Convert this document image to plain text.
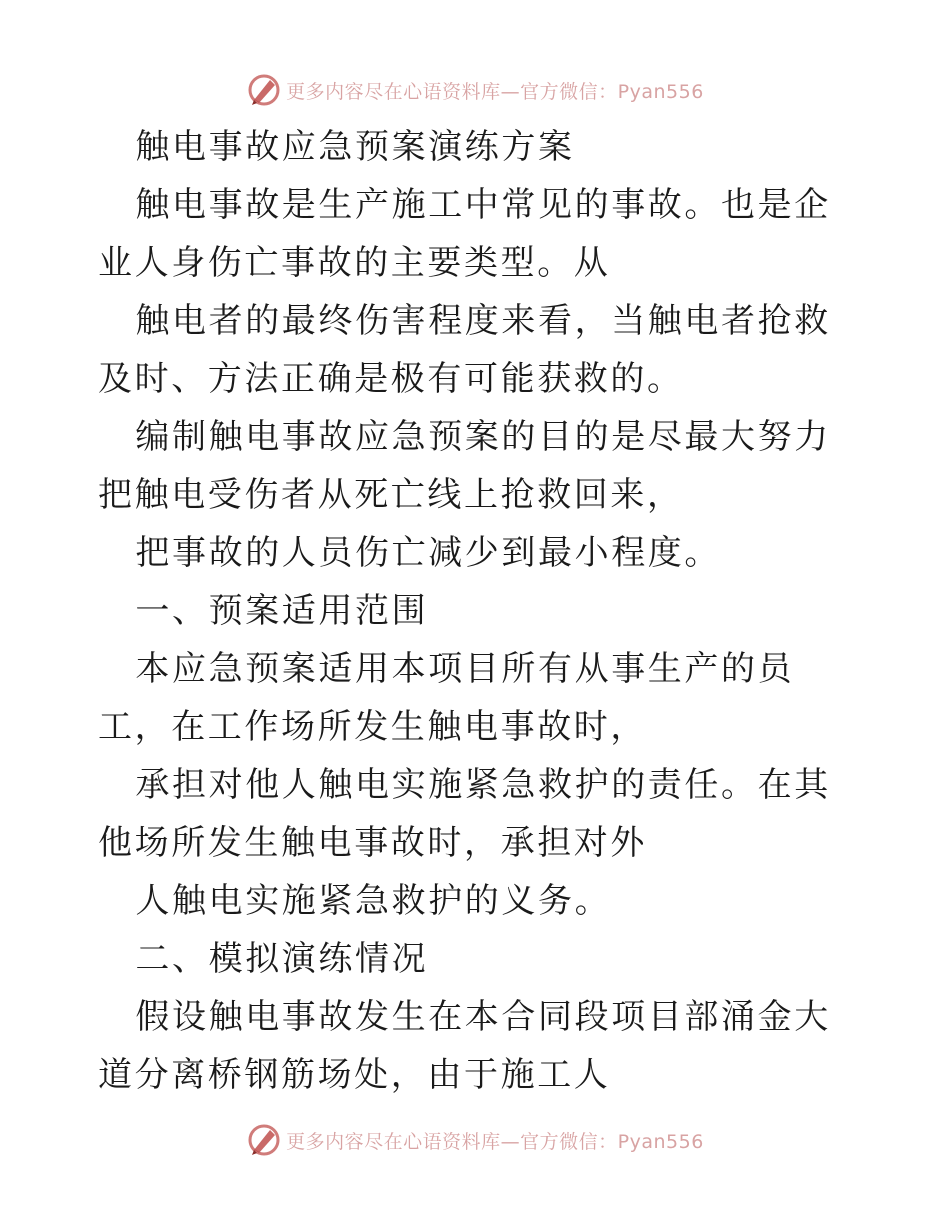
更多内容尽在心语资料库—官方微信：Pyan556

触电事故应急预案演练方案

触电事故是生产施工中常见的事故。也是企业人身伤亡事故的主要类型。从

触电者的最终伤害程度来看，当触电者抢救及时、方法正确是极有可能获救的。

编制触电事故应急预案的目的是尽最大努力把触电受伤者从死亡线上抢救回来，

把事故的人员伤亡减少到最小程度。

一、预案适用范围

本应急预案适用本项目所有从事生产的员工，在工作场所发生触电事故时，

承担对他人触电实施紧急救护的责任。在其他场所发生触电事故时，承担对外

人触电实施紧急救护的义务。

二、模拟演练情况

假设触电事故发生在本合同段项目部涌金大道分离桥钢筋场处，由于施工人

更多内容尽在心语资料库—官方微信：Pyan556
